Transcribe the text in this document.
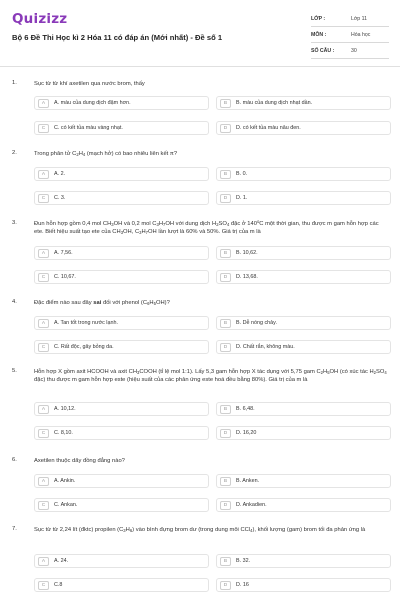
Quizizz
Bộ 6 Đề Thi Học kì 2 Hóa 11 có đáp án (Mới nhất) - Đề số 1
LỚP :	Lớp 11
MÔN :	Hóa học
SỐ CÂU :	30
1.	Sục từ từ khí axetilen qua nước brom, thấy
A	A. màu của dung dịch đậm hơn.	B	B. màu của dung dịch nhạt dần.
C	C. có kết tủa màu vàng nhạt.	D	D. có kết tủa màu nâu đen.
2.	Trong phân tử $C_2H_4$ (mạch hở) có bao nhiêu liên kết π?
A	A. 2.	B	B. 0.
C	C. 3.	D	D. 1.
3.	Đun hỗn hợp gồm 0,4 mol $CH_3OH$ và 0,2 mol $C_3H_7OH$ với dung dịch $H_2SO_4$ đặc ở 140$^o$C một thời gian, thu được m gam hỗn hợp các ete. Biết hiệu suất tạo ete của $CH_3OH$, $C_3H_7OH$ lần lượt là 60% và 50%. Giá trị của m là
A	A. 7,56.	B	B. 10,62.
C	C. 10,67.	D	D. 13,68.
4.	Đặc điểm nào sau đây sai đối với phenol $(C_6H_5OH)$?
A	A. Tan tốt trong nước lạnh.	B	B. Dễ nóng chảy.
C	C. Rất độc, gây bỏng da.	D	D. Chất rắn, không màu.
5.	Hỗn hợp X gồm axit HCOOH và axit $CH_3COOH$ (tỉ lệ mol 1:1). Lấy 5,3 gam hỗn hợp X tác dụng với 5,75 gam $C_2H_5OH$ (có xúc tác $H_2SO_4$ đặc) thu được m gam hỗn hợp este (hiệu suất của các phản ứng este hoá đều bằng 80%). Giá trị của m là
A	A. 10,12.	B	B. 6,48.
C	C. 8,10.	D	D. 16,20
6.	Axetilen thuộc dãy đồng đẳng nào?
A	A. Ankin.	B	B. Anken.
C	C. Ankan.	D	D. Ankadien.
7.	Sục từ từ 2,24 lít (đktc) propilen $(C_3H_6)$ vào bình đựng brom dư (trong dung môi CCl$_4$), khối lượng (gam) brom tối đa phản ứng là
A	A. 24.	B	B. 32.
C	C.8	D	D. 16
